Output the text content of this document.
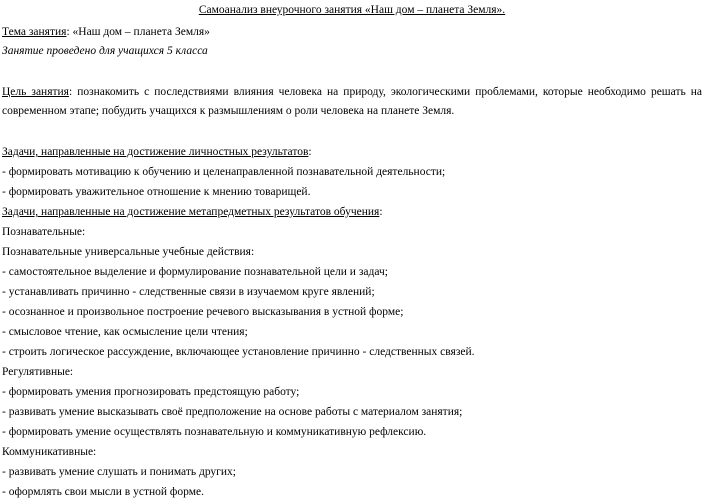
Самоанализ внеурочного занятия «Наш дом – планета Земля».
Тема занятия: «Наш дом – планета Земля»
Занятие проведено для учащихся 5 класса
Цель занятия: познакомить с последствиями влияния человека на природу, экологическими проблемами, которые необходимо решать на
современном этапе; побудить учащихся к размышлениям о роли человека на планете Земля.
Задачи, направленные на достижение личностных результатов:
- формировать мотивацию к обучению и целенаправленной познавательной деятельности;
- формировать уважительное отношение к мнению товарищей.
Задачи, направленные на достижение метапредметных результатов обучения:
Познавательные:
Познавательные универсальные учебные действия:
- самостоятельное выделение и формулирование познавательной цели и задач;
- устанавливать причинно - следственные связи в изучаемом круге явлений;
- осознанное и произвольное построение речевого высказывания в устной форме;
- смысловое чтение, как осмысление цели чтения;
- строить логическое рассуждение, включающее установление причинно - следственных связей.
Регулятивные:
- формировать умения прогнозировать предстоящую работу;
- развивать умение высказывать своё предположение на основе работы с материалом занятия;
- формировать умение осуществлять познавательную и коммуникативную рефлексию.
Коммуникативные:
- развивать умение слушать и понимать других;
- оформлять свои мысли в устной форме.
